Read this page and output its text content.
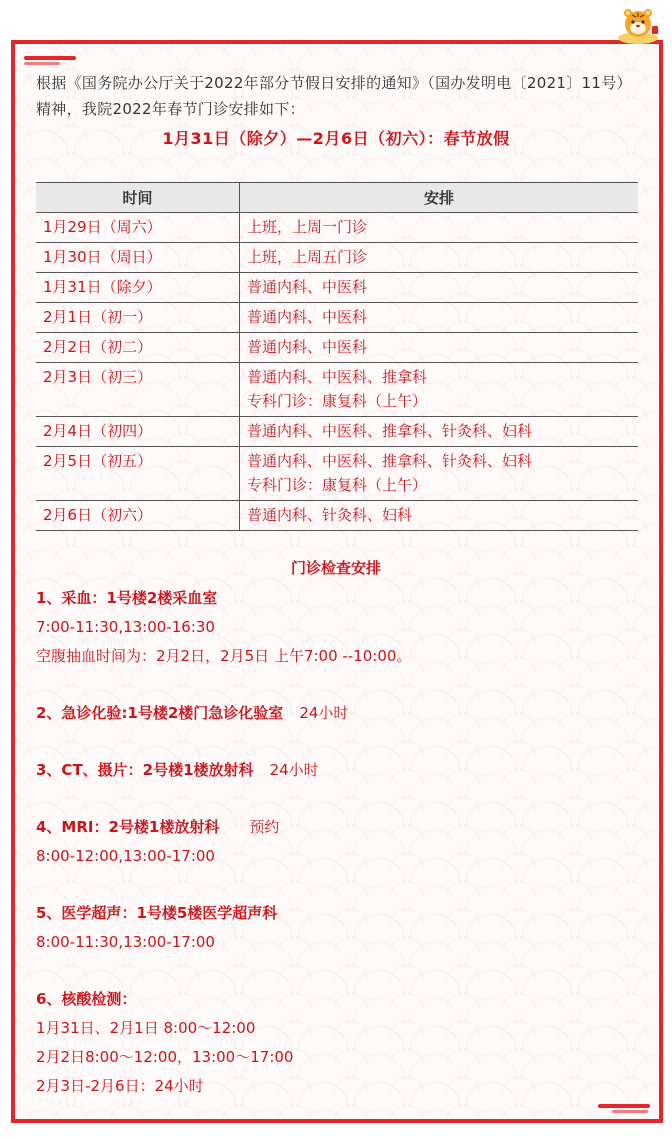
根据《国务院办公厅关于2022年部分节假日安排的通知》（国办发明电〔2021〕11号）精神，我院2022年春节门诊安排如下：
1月31日（除夕）—2月6日（初六）：春节放假
时间	安排
1月29日（周六）	上班，上周一门诊

1月30日（周日）	上班，上周五门诊

1月31日（除夕）	普通内科、中医科

2月1日（初一）	普通内科、中医科

2月2日（初二）	普通内科、中医科

2月3日（初三）	普通内科、中医科、推拿科
专科门诊：康复科（上午）

2月4日（初四）	普通内科、中医科、推拿科、针灸科、妇科

2月5日（初五）	普通内科、中医科、推拿科、针灸科、妇科
专科门诊：康复科（上午）

2月6日（初六）	普通内科、针灸科、妇科
门诊检查安排
1、采血：1号楼2楼采血室
7:00-11:30,13:00-16:30
空腹抽血时间为：2月2日，2月5日 上午7:00 --10:00。
2、急诊化验:1号楼2楼门急诊化验室 24小时
3、CT、摄片：2号楼1楼放射科 24小时
4、MRI：2号楼1楼放射科 预约
8:00-12:00,13:00-17:00
5、医学超声：1号楼5楼医学超声科
8:00-11:30,13:00-17:00
6、核酸检测：
1月31日、2月1日 8:00～12:00
2月2日8:00～12:00，13:00～17:00
2月3日-2月6日：24小时
